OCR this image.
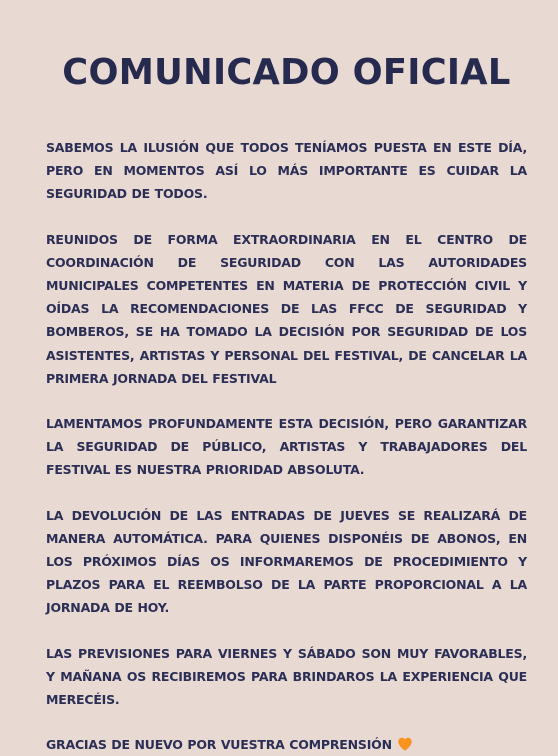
COMUNICADO OFICIAL

SABEMOS LA ILUSIÓN QUE TODOS TENÍAMOS PUESTA EN ESTE DÍA, PERO EN MOMENTOS ASÍ LO MÁS IMPORTANTE ES CUIDAR LA SEGURIDAD DE TODOS.

REUNIDOS DE FORMA EXTRAORDINARIA EN EL CENTRO DE COORDINACIÓN DE SEGURIDAD CON LAS AUTORIDADES MUNICIPALES COMPETENTES EN MATERIA DE PROTECCIÓN CIVIL Y OÍDAS LA RECOMENDACIONES DE LAS FFCC DE SEGURIDAD Y BOMBEROS, SE HA TOMADO LA DECISIÓN POR SEGURIDAD DE LOS ASISTENTES, ARTISTAS Y PERSONAL DEL FESTIVAL, DE CANCELAR LA PRIMERA JORNADA DEL FESTIVAL

LAMENTAMOS PROFUNDAMENTE ESTA DECISIÓN, PERO GARANTIZAR LA SEGURIDAD DE PÚBLICO, ARTISTAS Y TRABAJADORES DEL FESTIVAL ES NUESTRA PRIORIDAD ABSOLUTA.

LA DEVOLUCIÓN DE LAS ENTRADAS DE JUEVES SE REALIZARÁ DE MANERA AUTOMÁTICA. PARA QUIENES DISPONÉIS DE ABONOS, EN LOS PRÓXIMOS DÍAS OS INFORMAREMOS DE PROCEDIMIENTO Y PLAZOS PARA EL REEMBOLSO DE LA PARTE PROPORCIONAL A LA JORNADA DE HOY.

LAS PREVISIONES PARA VIERNES Y SÁBADO SON MUY FAVORABLES, Y MAÑANA OS RECIBIREMOS PARA BRINDAROS LA EXPERIENCIA QUE MERECÉIS.

GRACIAS DE NUEVO POR VUESTRA COMPRENSIÓN
